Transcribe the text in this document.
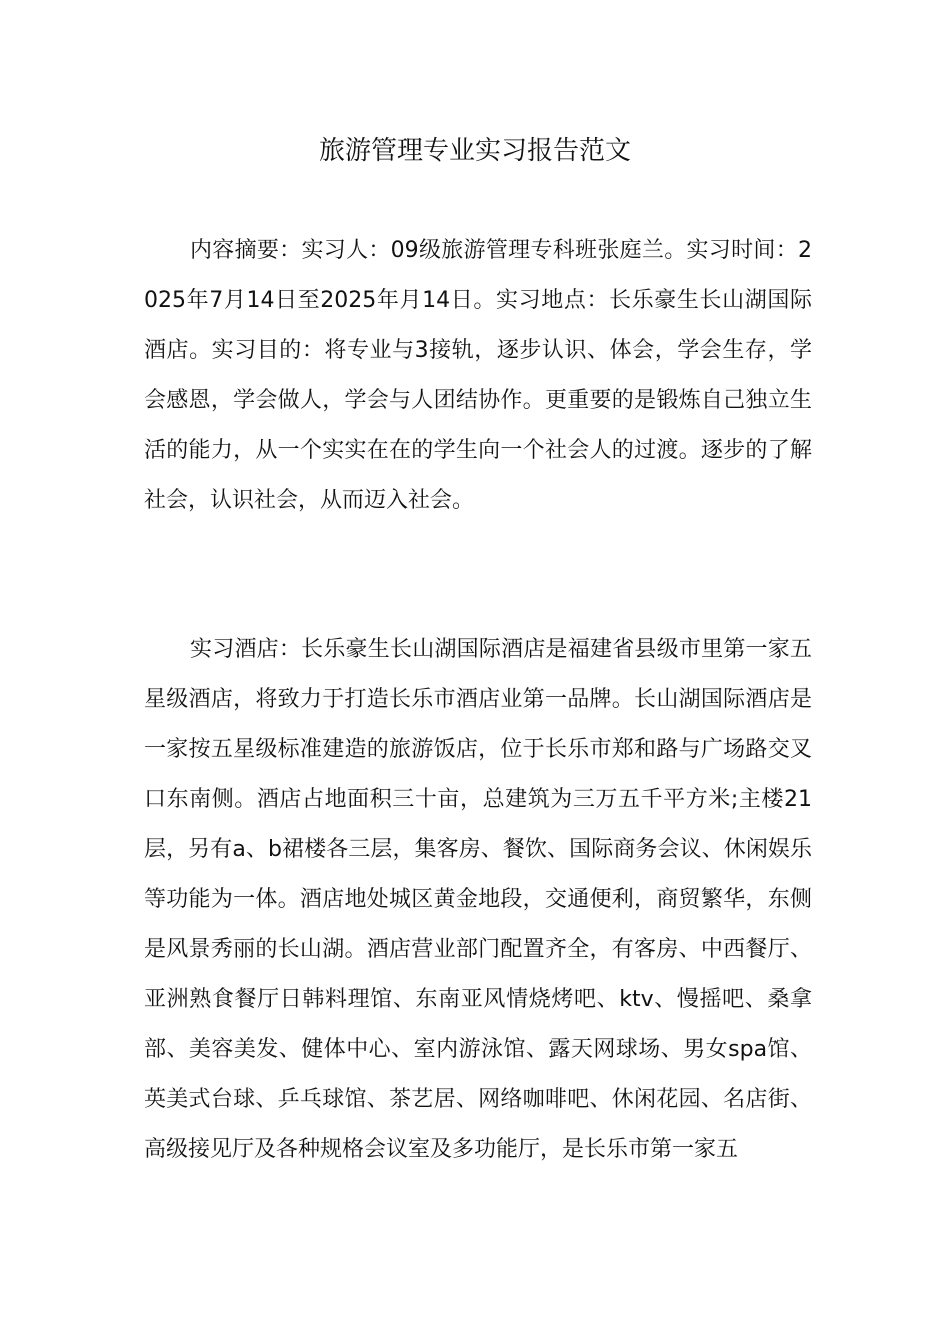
旅游管理专业实习报告范文

内容摘要：实习人：09级旅游管理专科班张庭兰。实习时间：2025年7月14日至2025年月14日。实习地点：长乐豪生长山湖国际酒店。实习目的：将专业与3接轨，逐步认识、体会，学会生存，学会感恩，学会做人，学会与人团结协作。更重要的是锻炼自己独立生活的能力，从一个实实在在的学生向一个社会人的过渡。逐步的了解社会，认识社会，从而迈入社会。

实习酒店：长乐豪生长山湖国际酒店是福建省县级市里第一家五星级酒店，将致力于打造长乐市酒店业第一品牌。长山湖国际酒店是一家按五星级标准建造的旅游饭店，位于长乐市郑和路与广场路交叉口东南侧。酒店占地面积三十亩，总建筑为三万五千平方米;主楼21层，另有a、b裙楼各三层，集客房、餐饮、国际商务会议、休闲娱乐等功能为一体。酒店地处城区黄金地段，交通便利，商贸繁华，东侧是风景秀丽的长山湖。酒店营业部门配置齐全，有客房、中西餐厅、亚洲熟食餐厅日韩料理馆、东南亚风情烧烤吧、ktv、慢摇吧、桑拿部、美容美发、健体中心、室内游泳馆、露天网球场、男女spa馆、英美式台球、乒乓球馆、茶艺居、网络咖啡吧、休闲花园、名店街、高级接见厅及各种规格会议室及多功能厅，是长乐市第一家五
